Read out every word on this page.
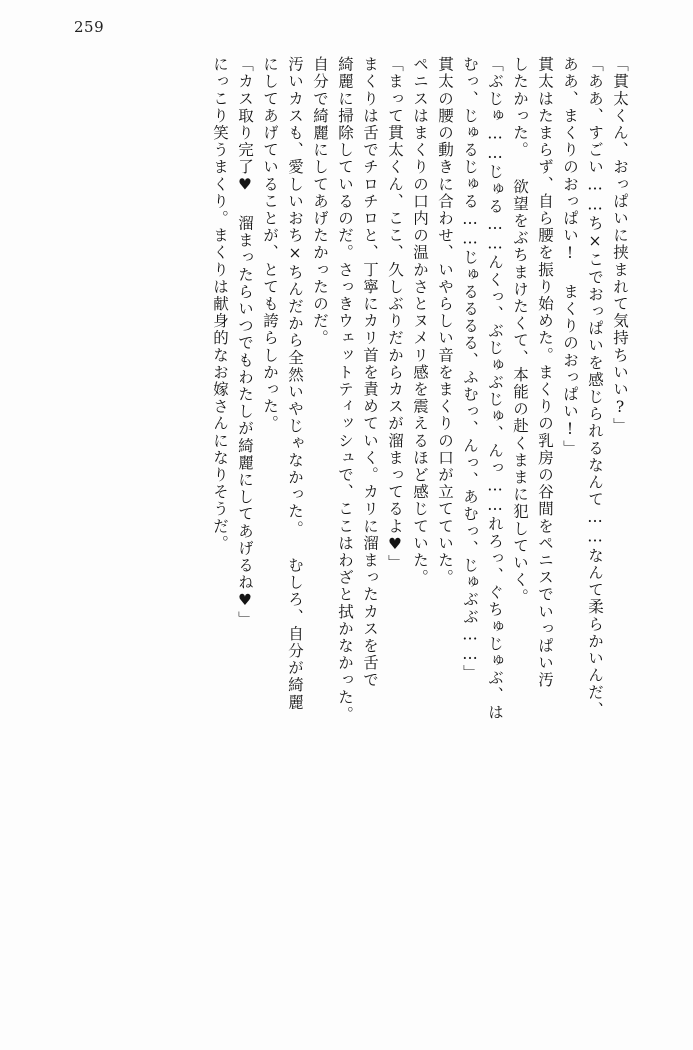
259
「貫太くん、おっぱいに挟まれて気持ちいい?」
「ああ、すごい……ち×こでおっぱいを感じられるなんて……なんて柔らかいんだ、
ああ、まくりのおっぱい! まくりのおっぱい!」
貫太はたまらず、自ら腰を振り始めた。まくりの乳房の谷間をペニスでいっぱい汚
したかった。 欲望をぶちまけたくて、本能の赴くままに犯していく。
「ぶじゅ……じゅる……んくっ、ぶじゅぶじゅ、んっ……れろっ、ぐちゅじゅぶ、は
むっ、じゅるじゅる……じゅるるるる、ふむっ、んっ、あむっ、じゅぶぶ……」
貫太の腰の動きに合わせ、いやらしい音をまくりの口が立てていた。
ペニスはまくりの口内の温かさとヌメリ感を震えるほど感じていた。
「まって貫太くん、ここ、久しぶりだからカスが溜まってるよ♥」
まくりは舌でチロチロと、丁寧にカリ首を責めていく。カリに溜まったカスを舌で
綺麗に掃除しているのだ。さっきウェットティッシュで、ここはわざと拭かなかった。
自分で綺麗にしてあげたかったのだ。
汚いカスも、愛しいおち×ちんだから全然いやじゃなかった。 むしろ、自分が綺麗
にしてあげていることが、とても誇らしかった。
「カス取り完了♥ 溜まったらいつでもわたしが綺麗にしてあげるね♥」
にっこり笑うまくり。まくりは献身的なお嫁さんになりそうだ。
